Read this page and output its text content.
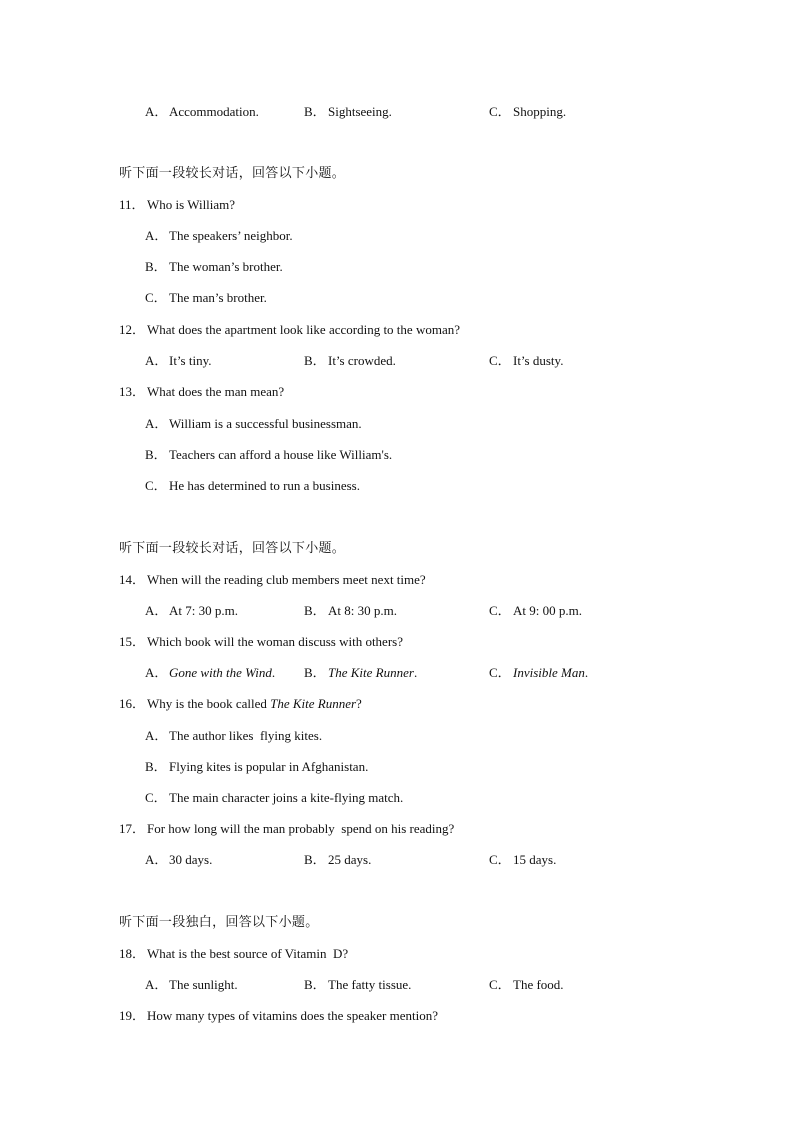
A． Accommodation.	B． Sightseeing.	C． Shopping.
听下面一段较长对话，回答以下小题。
11． Who is William?
A． The speakers’ neighbor.
B． The woman’s brother.
C． The man’s brother.
12． What does the apartment look like according to the woman?
A． It’s tiny.	B． It’s crowded.	C． It’s dusty.
13． What does the man mean?
A． William is a successful businessman.
B． Teachers can afford a house like William's.
C． He has determined to run a business.
听下面一段较长对话，回答以下小题。
14． When will the reading club members meet next time?
A． At 7: 30 p.m.	B． At 8: 30 p.m.	C． At 9: 00 p.m.
15． Which book will the woman discuss with others?
A． Gone with the Wind. B． The Kite Runner.	C． Invisible Man.
16． Why is the book called The Kite Runner?
A． The author likes  flying kites.
B． Flying kites is popular in Afghanistan.
C． The main character joins a kite-flying match.
17． For how long will the man probably  spend on his reading?
A． 30 days.	B． 25 days.	C． 15 days.
听下面一段独白，回答以下小题。
18． What is the best source of Vitamin  D?
A． The sunlight.	B． The fatty tissue.	C． The food.
19． How many types of vitamins does the speaker mention?
